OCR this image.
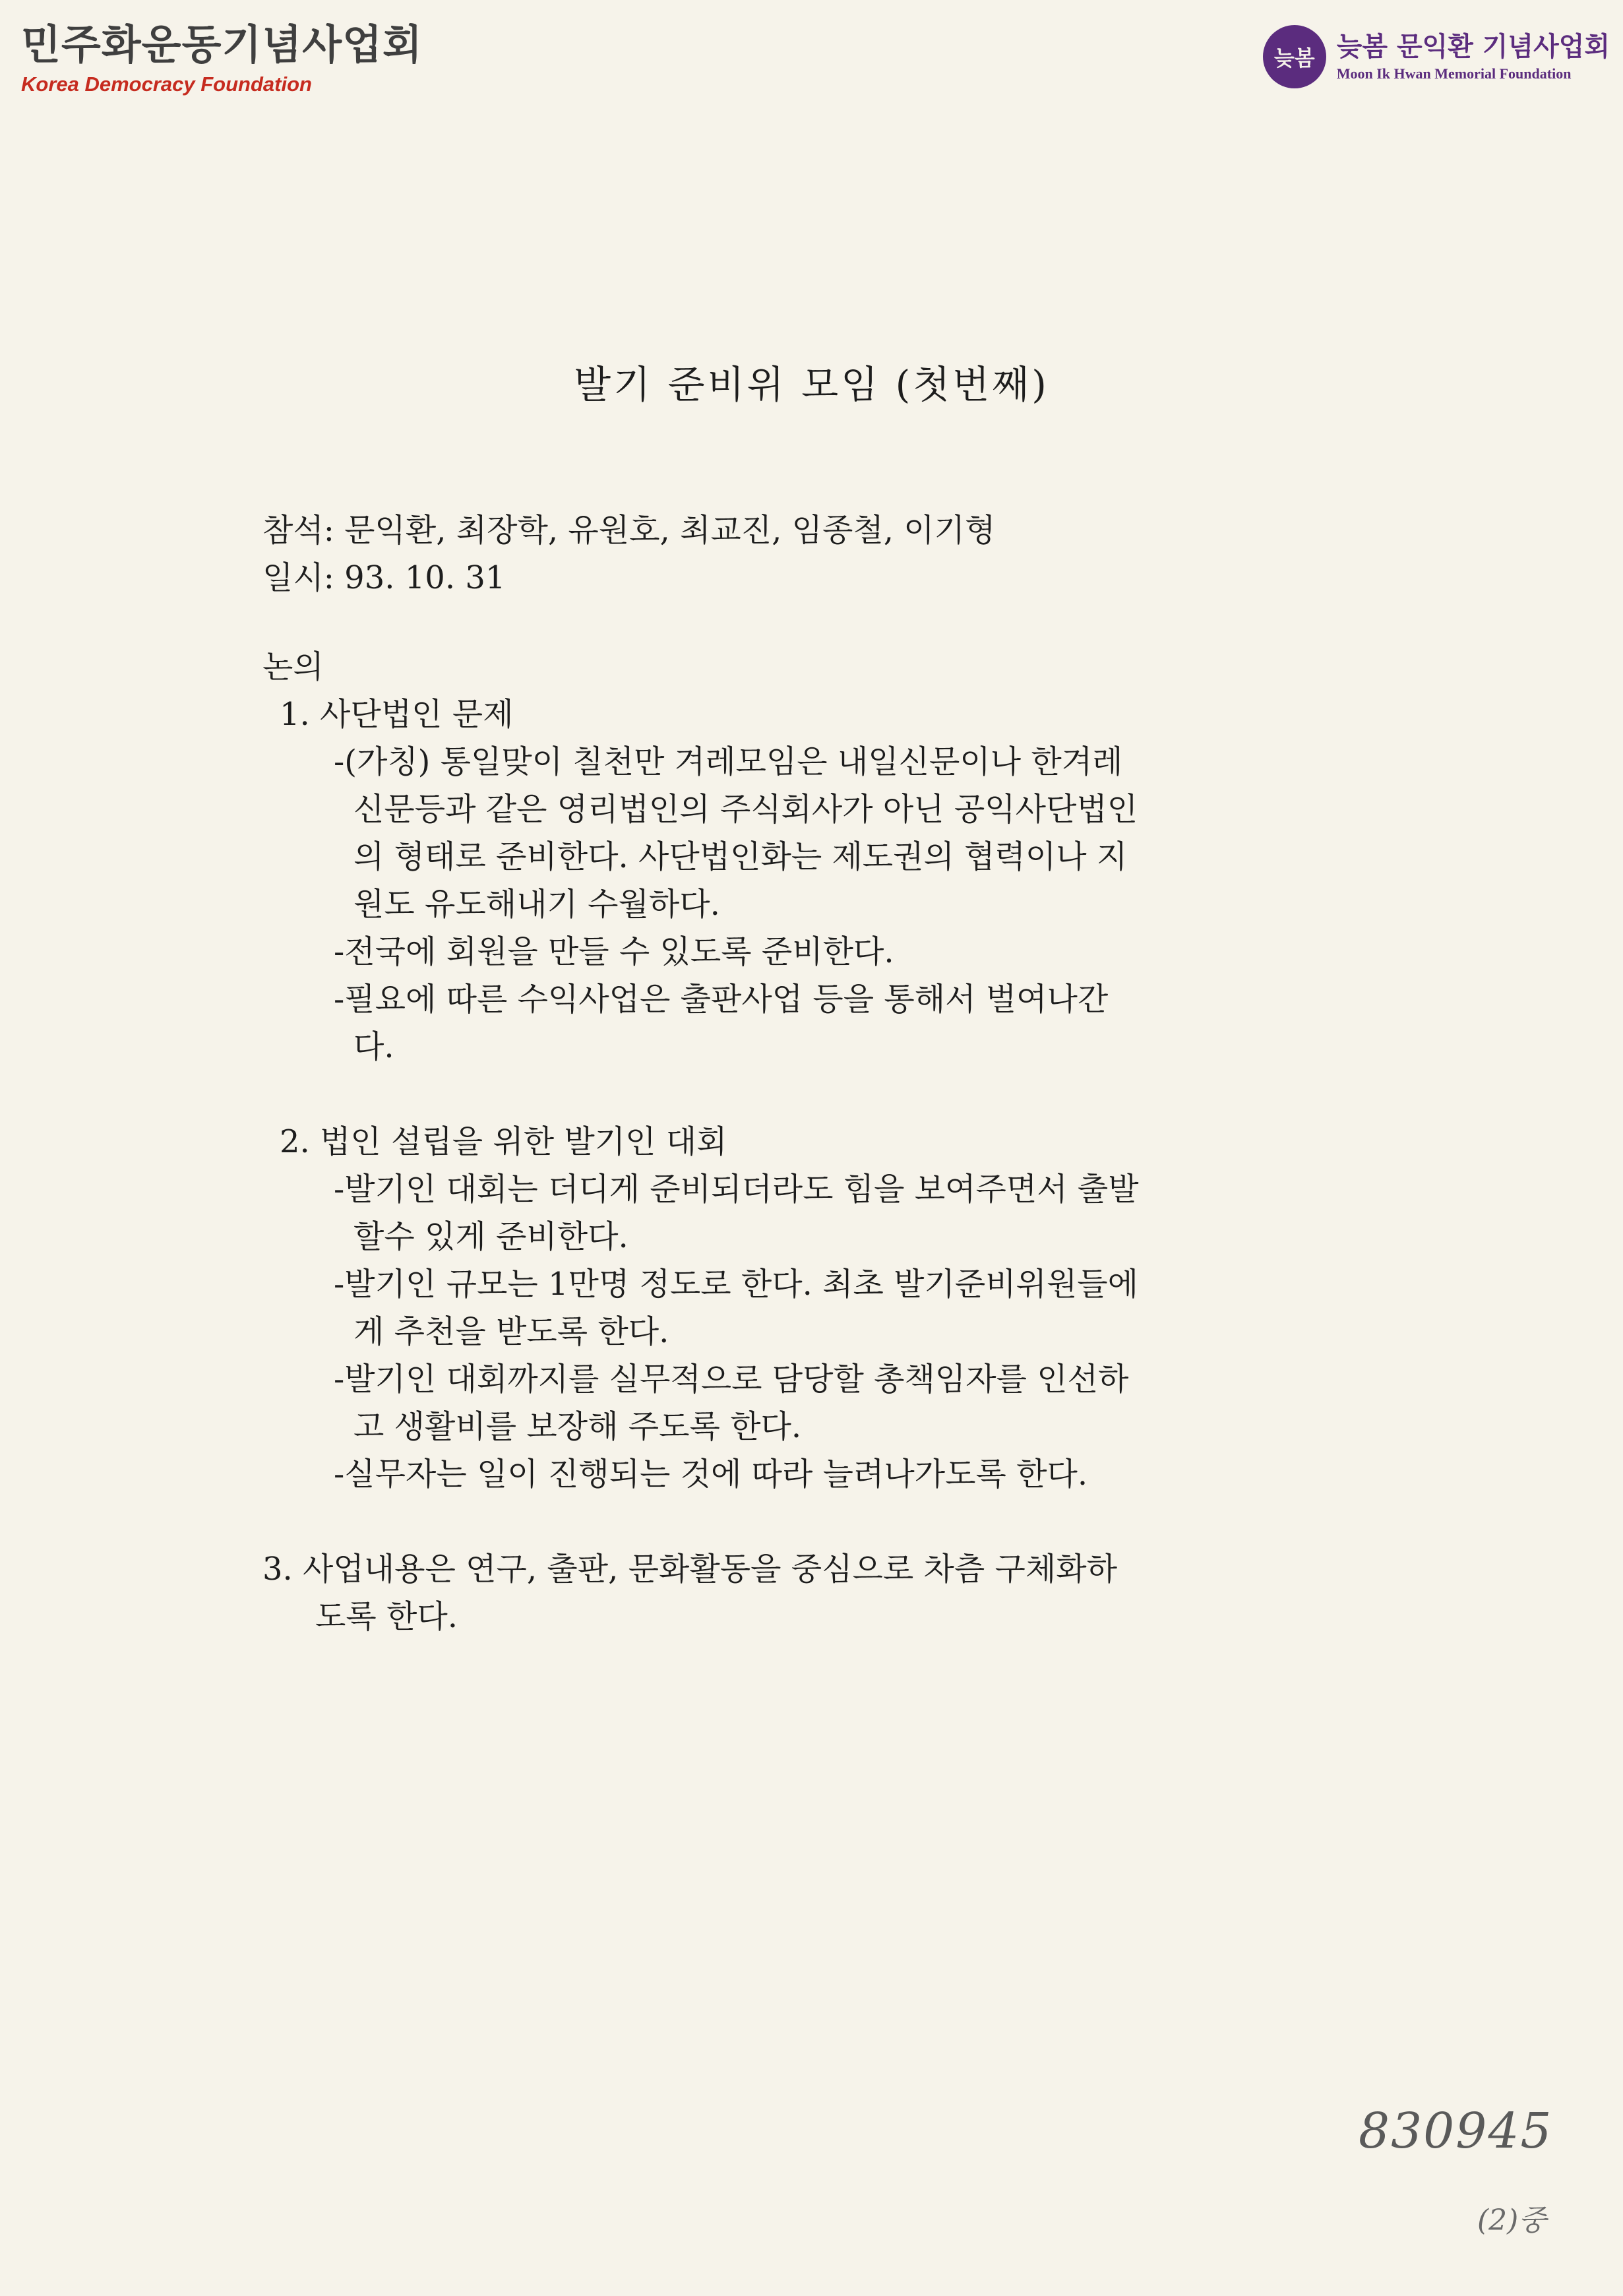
민주화운동기념사업회
Korea Democracy Foundation
늦봄 늦봄 문익환 기념사업회
Moon Ik Hwan Memorial Foundation
발기 준비위 모임 (첫번째)
참석: 문익환, 최장학, 유원호, 최교진, 임종철, 이기형
일시: 93. 10. 31
논의
1. 사단법인 문제
-(가칭) 통일맞이 칠천만 겨레모임은 내일신문이나 한겨레
신문등과 같은 영리법인의 주식회사가 아닌 공익사단법인
의 형태로 준비한다. 사단법인화는 제도권의 협력이나 지
원도 유도해내기 수월하다.
-전국에 회원을 만들 수 있도록 준비한다.
-필요에 따른 수익사업은 출판사업 등을 통해서 벌여나간
다.
2. 법인 설립을 위한 발기인 대회
-발기인 대회는 더디게 준비되더라도 힘을 보여주면서 출발
할수 있게 준비한다.
-발기인 규모는 1만명 정도로 한다. 최초 발기준비위원들에
게 추천을 받도록 한다.
-발기인 대회까지를 실무적으로 담당할 총책임자를 인선하
고 생활비를 보장해 주도록 한다.
-실무자는 일이 진행되는 것에 따라 늘려나가도록 한다.
3. 사업내용은 연구, 출판, 문화활동을 중심으로 차츰 구체화하
도록 한다.
830945
(2)중
